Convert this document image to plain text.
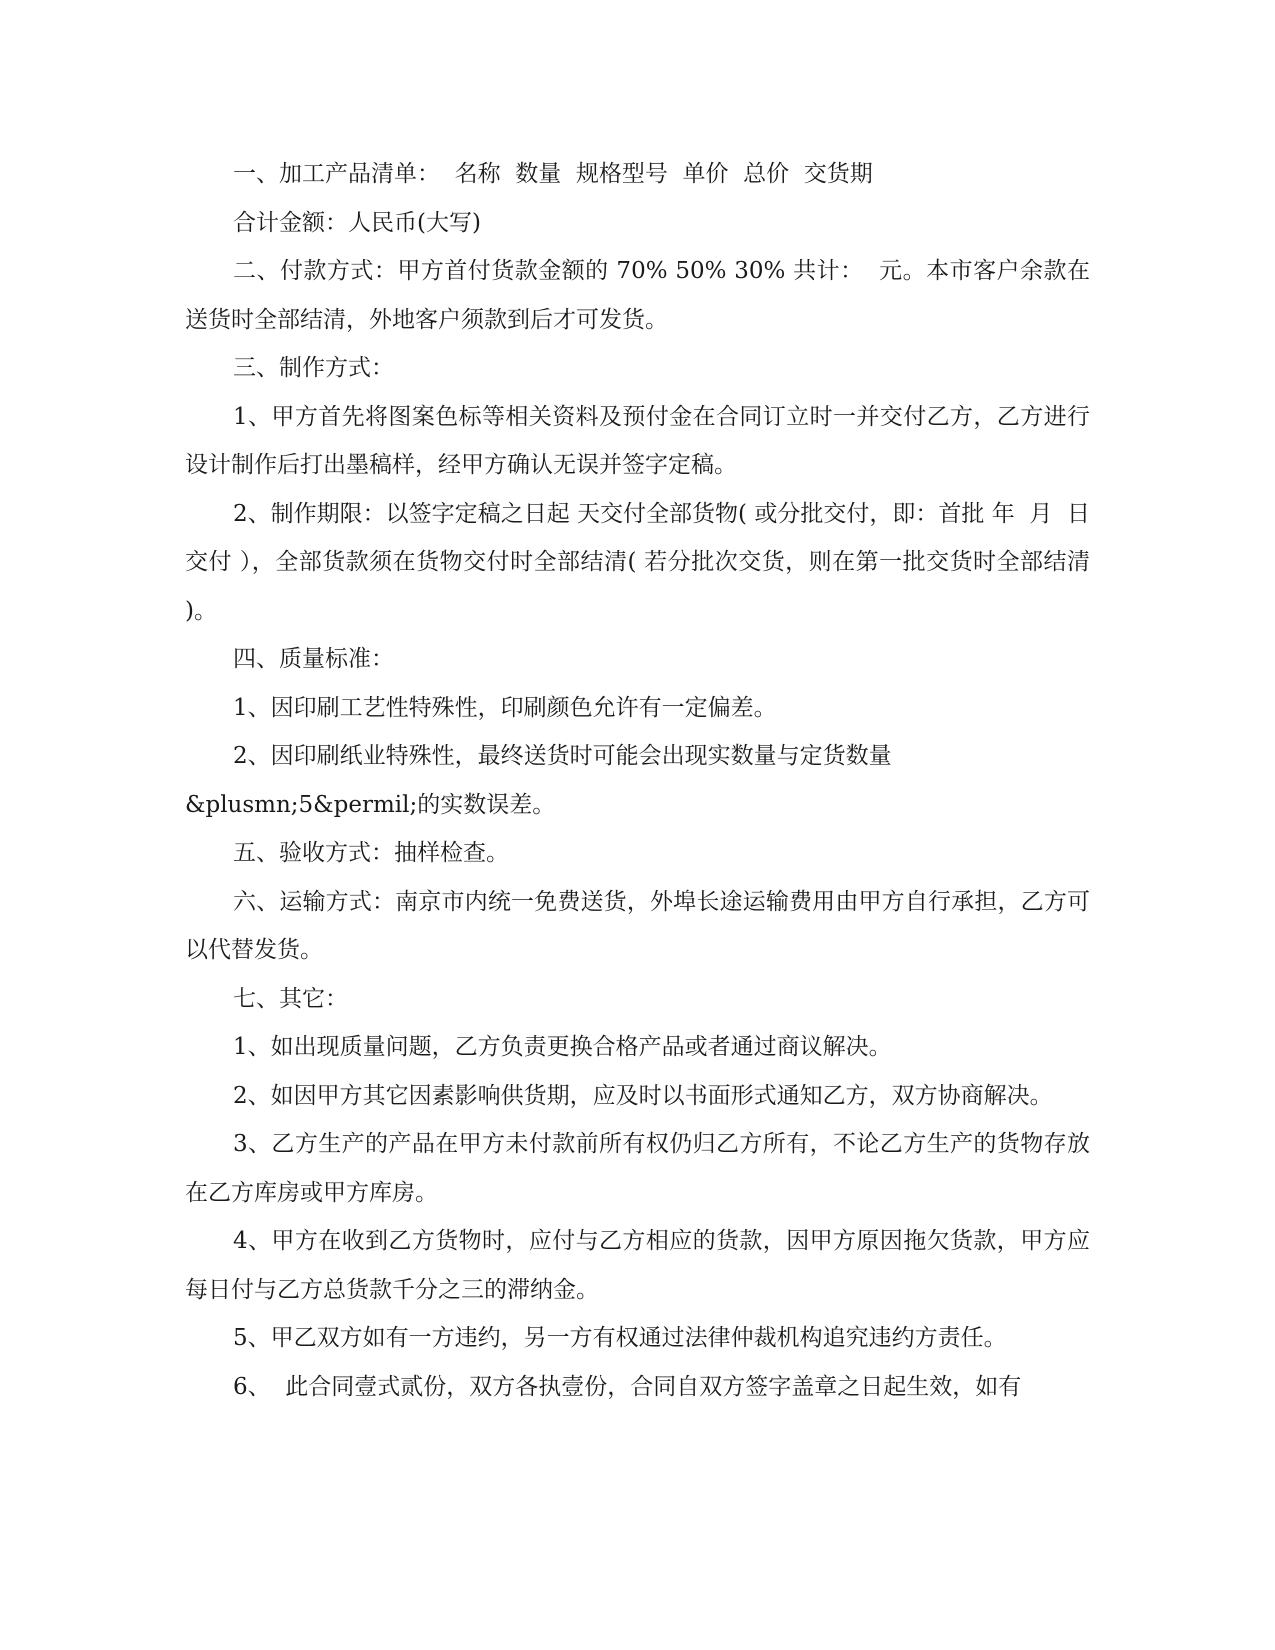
一、加工产品清单：  名称  数量  规格型号  单价  总价  交货期

合计金额：人民币(大写)

二、付款方式：甲方首付货款金额的 70% 50% 30% 共计：  元。本市客户余款在送货时全部结清，外地客户须款到后才可发货。

三、制作方式：

1、甲方首先将图案色标等相关资料及预付金在合同订立时一并交付乙方，乙方进行设计制作后打出墨稿样，经甲方确认无误并签字定稿。

2、制作期限：以签字定稿之日起 天交付全部货物( 或分批交付，即：首批 年  月  日交付 ），全部货款须在货物交付时全部结清( 若分批次交货，则在第一批交货时全部结清 )。

四、质量标准：

1、因印刷工艺性特殊性，印刷颜色允许有一定偏差。

2、因印刷纸业特殊性，最终送货时可能会出现实数量与定货数量

&plusmn;5&permil;的实数误差。

五、验收方式：抽样检查。

六、运输方式：南京市内统一免费送货，外埠长途运输费用由甲方自行承担，乙方可以代替发货。

七、其它：

1、如出现质量问题，乙方负责更换合格产品或者通过商议解决。

2、如因甲方其它因素影响供货期，应及时以书面形式通知乙方，双方协商解决。

3、乙方生产的产品在甲方未付款前所有权仍归乙方所有，不论乙方生产的货物存放在乙方库房或甲方库房。

4、甲方在收到乙方货物时，应付与乙方相应的货款，因甲方原因拖欠货款，甲方应每日付与乙方总货款千分之三的滞纳金。

5、甲乙双方如有一方违约，另一方有权通过法律仲裁机构追究违约方责任。

6、  此合同壹式贰份，双方各执壹份，合同自双方签字盖章之日起生效，如有
